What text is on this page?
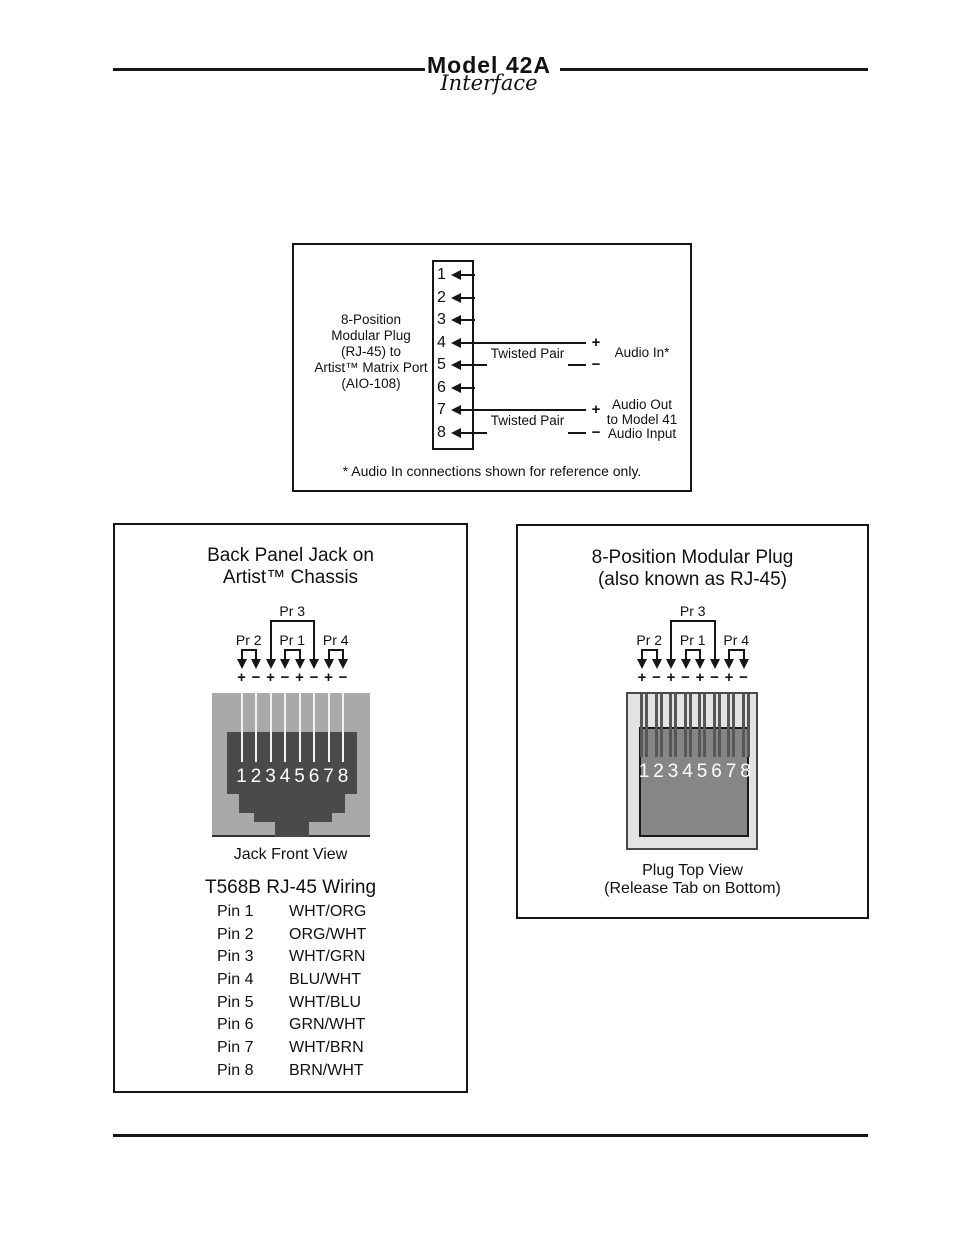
Model 42A
Interface
8-Position
Modular Plug
(RJ-45) to
Artist™ Matrix Port
(AIO-108)
1
2
3
4	+
5
Twisted Pair
−
Audio In*
6
7	+
8
Twisted Pair
−
Audio Out
to Model 41
Audio Input
* Audio In connections shown for reference only.
Back Panel Jack on
Artist™ Chassis
Pr 3
Pr 2 Pr 1 Pr 4
+ − + − + − + −
1 2 3 4 5 6 7 8
Jack Front View
T568B RJ-45 Wiring
Pin 1 WHT/ORG
Pin 2 ORG/WHT
Pin 3 WHT/GRN
Pin 4 BLU/WHT
Pin 5 WHT/BLU
Pin 6 GRN/WHT
Pin 7 WHT/BRN
Pin 8 BRN/WHT
8-Position Modular Plug
(also known as RJ-45)
Pr 3
Pr 2 Pr 1 Pr 4
+ − + − + − + −
1 2 3 4 5 6 7 8
Plug Top View
(Release Tab on Bottom)
